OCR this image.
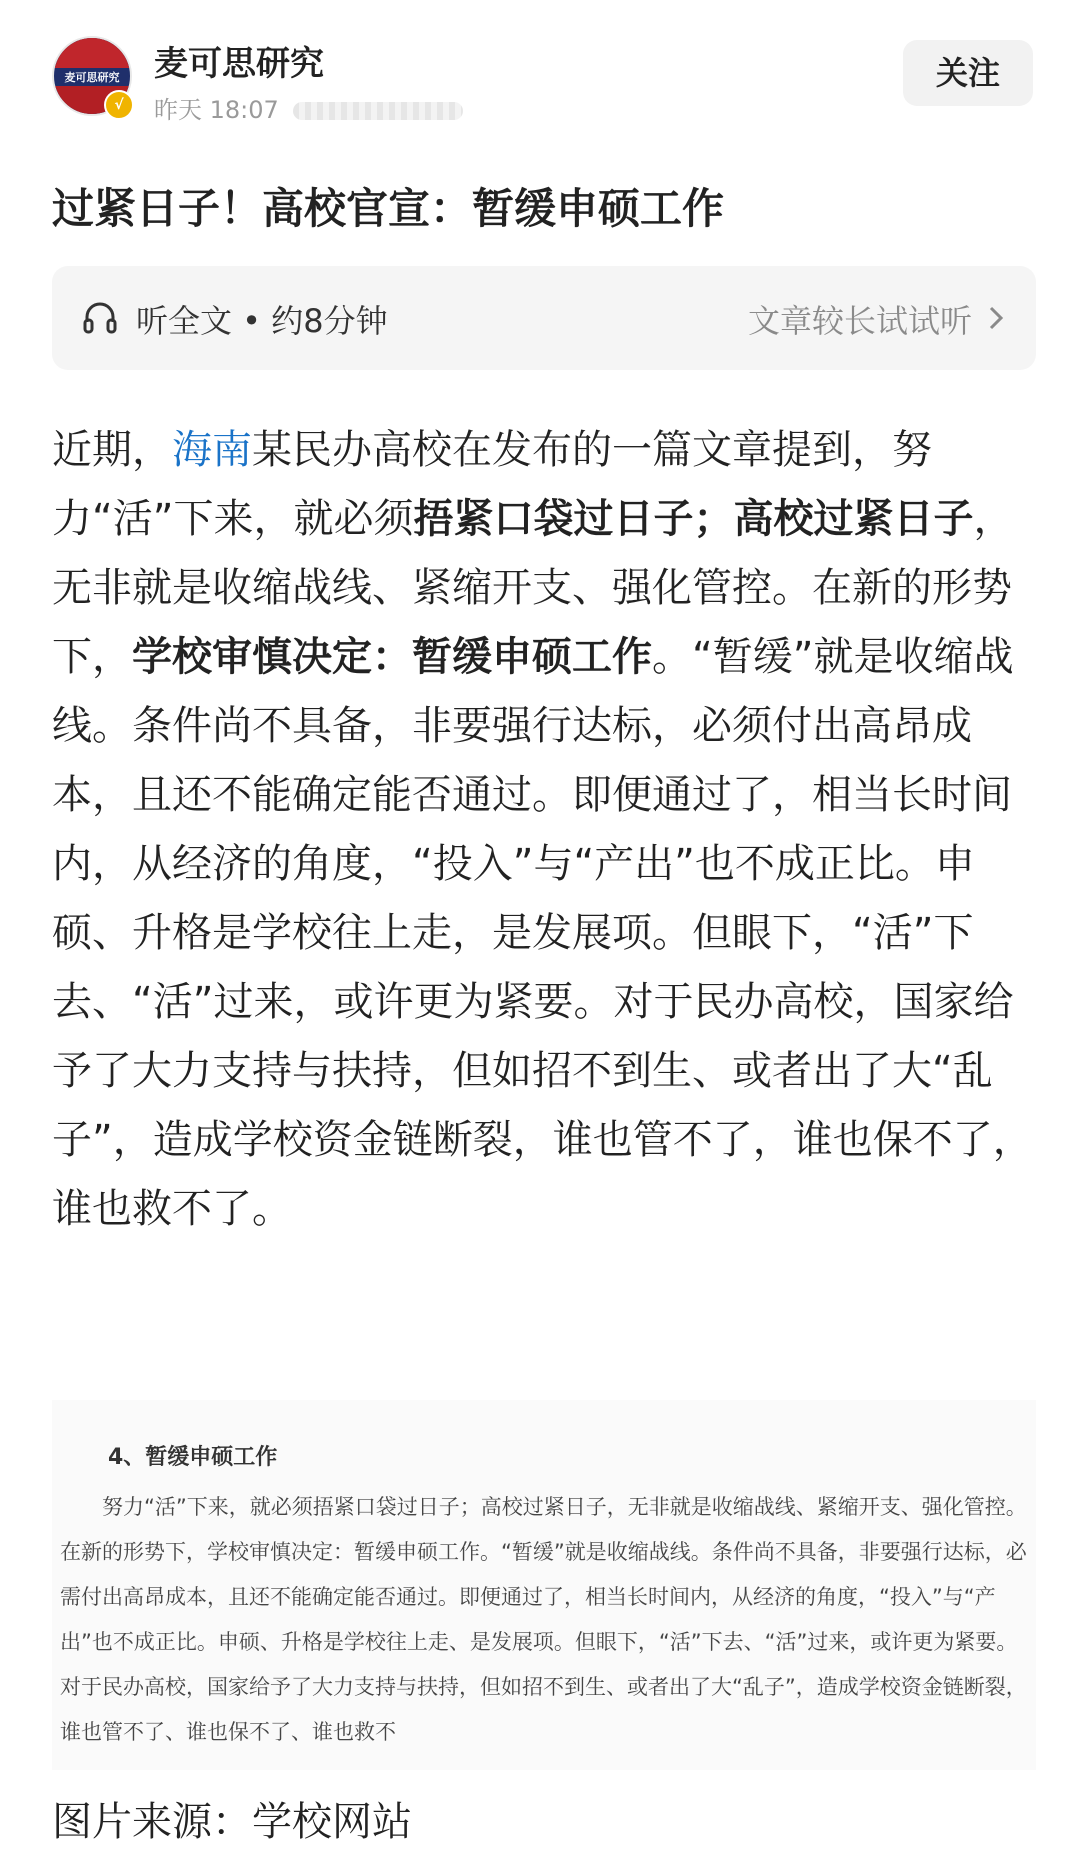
麦可思研究
√
麦可思研究
昨天 18:07
关注
过紧日子！高校官宣：暂缓申硕工作
听全文 • 约8分钟	文章较长试试听

近期，海南某民办高校在发布的一篇文章提到，努力“活”下来，就必须捂紧口袋过日子；高校过紧日子，无非就是收缩战线、紧缩开支、强化管控。在新的形势下，学校审慎决定：暂缓申硕工作。“暂缓”就是收缩战线。条件尚不具备，非要强行达标，必须付出高昂成本，且还不能确定能否通过。即便通过了，相当长时间内，从经济的角度，“投入”与“产出”也不成正比。申硕、升格是学校往上走，是发展项。但眼下，“活”下去、“活”过来，或许更为紧要。对于民办高校，国家给予了大力支持与扶持，但如招不到生、或者出了大“乱子”，造成学校资金链断裂，谁也管不了，谁也保不了，谁也救不了。

4、暂缓申硕工作

努力“活”下来，就必须捂紧口袋过日子；高校过紧日子，无非就是收缩战线、紧缩开支、强化管控。在新的形势下，学校审慎决定：暂缓申硕工作。“暂缓”就是收缩战线。条件尚不具备，非要强行达标，必需付出高昂成本，且还不能确定能否通过。即便通过了，相当长时间内，从经济的角度，“投入”与“产出”也不成正比。申硕、升格是学校往上走、是发展项。但眼下，“活”下去、“活”过来，或许更为紧要。对于民办高校，国家给予了大力支持与扶持，但如招不到生、或者出了大“乱子”，造成学校资金链断裂，谁也管不了、谁也保不了、谁也救不

图片来源：学校网站
